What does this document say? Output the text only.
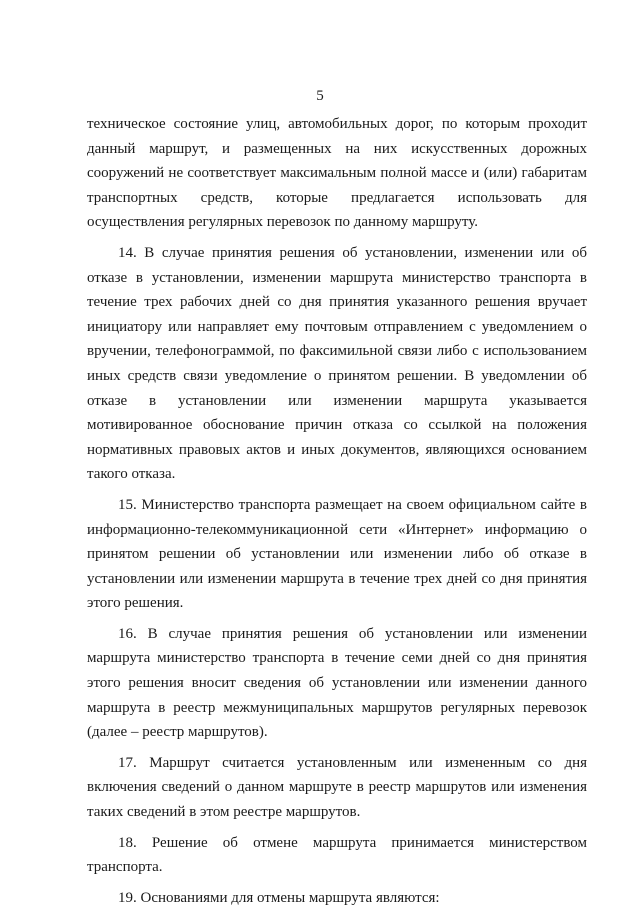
5

техническое состояние улиц, автомобильных дорог, по которым проходит данный маршрут, и размещенных на них искусственных дорожных сооружений не соответствует максимальным полной массе и (или) габаритам транспортных средств, которые предлагается использовать для осуществления регулярных перевозок по данному маршруту.

14. В случае принятия решения об установлении, изменении или об отказе в установлении, изменении маршрута министерство транспорта в течение трех рабочих дней со дня принятия указанного решения вручает инициатору или направляет ему почтовым отправлением с уведомлением о вручении, телефонограммой, по факсимильной связи либо с использованием иных средств связи уведомление о принятом решении. В уведомлении об отказе в установлении или изменении маршрута указывается мотивированное обоснование причин отказа со ссылкой на положения нормативных правовых актов и иных документов, являющихся основанием такого отказа.

15. Министерство транспорта размещает на своем официальном сайте в информационно-телекоммуникационной сети «Интернет» информацию о принятом решении об установлении или изменении либо об отказе в установлении или изменении маршрута в течение трех дней со дня принятия этого решения.

16. В случае принятия решения об установлении или изменении маршрута министерство транспорта в течение семи дней со дня принятия этого решения вносит сведения об установлении или изменении данного маршрута в реестр межмуниципальных маршрутов регулярных перевозок (далее – реестр маршрутов).

17. Маршрут считается установленным или измененным со дня включения сведений о данном маршруте в реестр маршрутов или изменения таких сведений в этом реестре маршрутов.

18. Решение об отмене маршрута принимается министерством транспорта.

19. Основаниями для отмены маршрута являются:
